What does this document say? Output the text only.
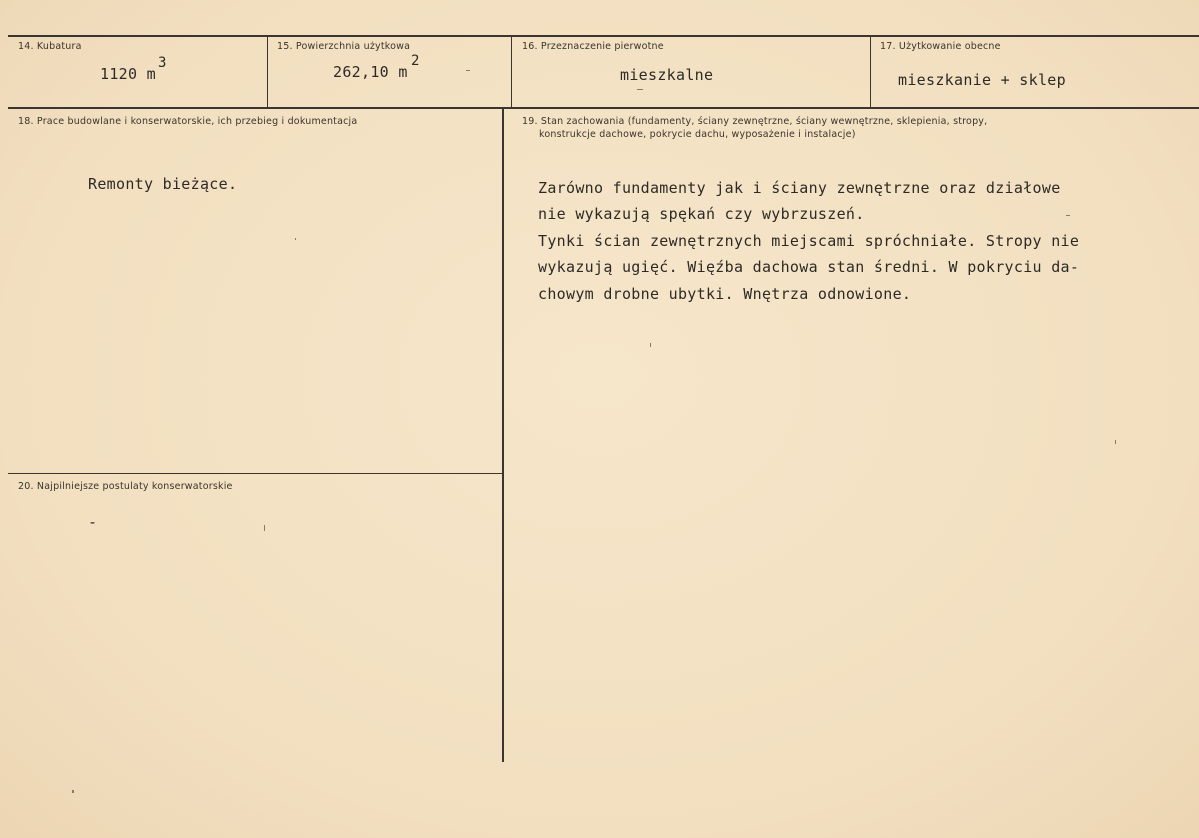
14. Kubatura
1120 m
3
15. Powierzchnia użytkowa
262,10 m
2
16. Przeznaczenie pierwotne
mieszkalne
17. Użytkowanie obecne
mieszkanie + sklep
18. Prace budowlane i konserwatorskie, ich przebieg i dokumentacja
Remonty bieżące.
19. Stan zachowania (fundamenty, ściany zewnętrzne, ściany wewnętrzne, sklepienia, stropy,
konstrukcje dachowe, pokrycie dachu, wyposażenie i instalacje)
Zarówno fundamenty jak i ściany zewnętrzne oraz działowe
nie wykazują spękań czy wybrzuszeń.
Tynki ścian zewnętrznych miejscami spróchniałe. Stropy nie
wykazują ugięć. Więźba dachowa stan średni. W pokryciu da-
chowym drobne ubytki. Wnętrza odnowione.
20. Najpilniejsze postulaty konserwatorskie
-
